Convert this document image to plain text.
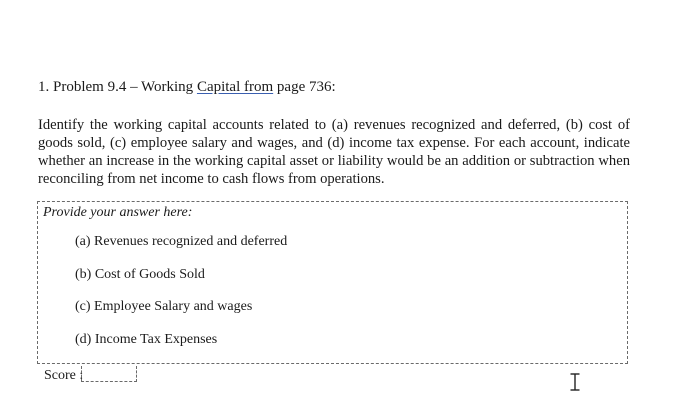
1. Problem 9.4 – Working Capital from page 736:
Identify the working capital accounts related to (a) revenues recognized and deferred, (b) cost of goods sold, (c) employee salary and wages, and (d) income tax expense. For each account, indicate whether an increase in the working capital asset or liability would be an addition or subtraction when reconciling from net income to cash flows from operations.
Provide your answer here:
(a) Revenues recognized and deferred
(b) Cost of Goods Sold
(c) Employee Salary and wages
(d) Income Tax Expenses
Score :
